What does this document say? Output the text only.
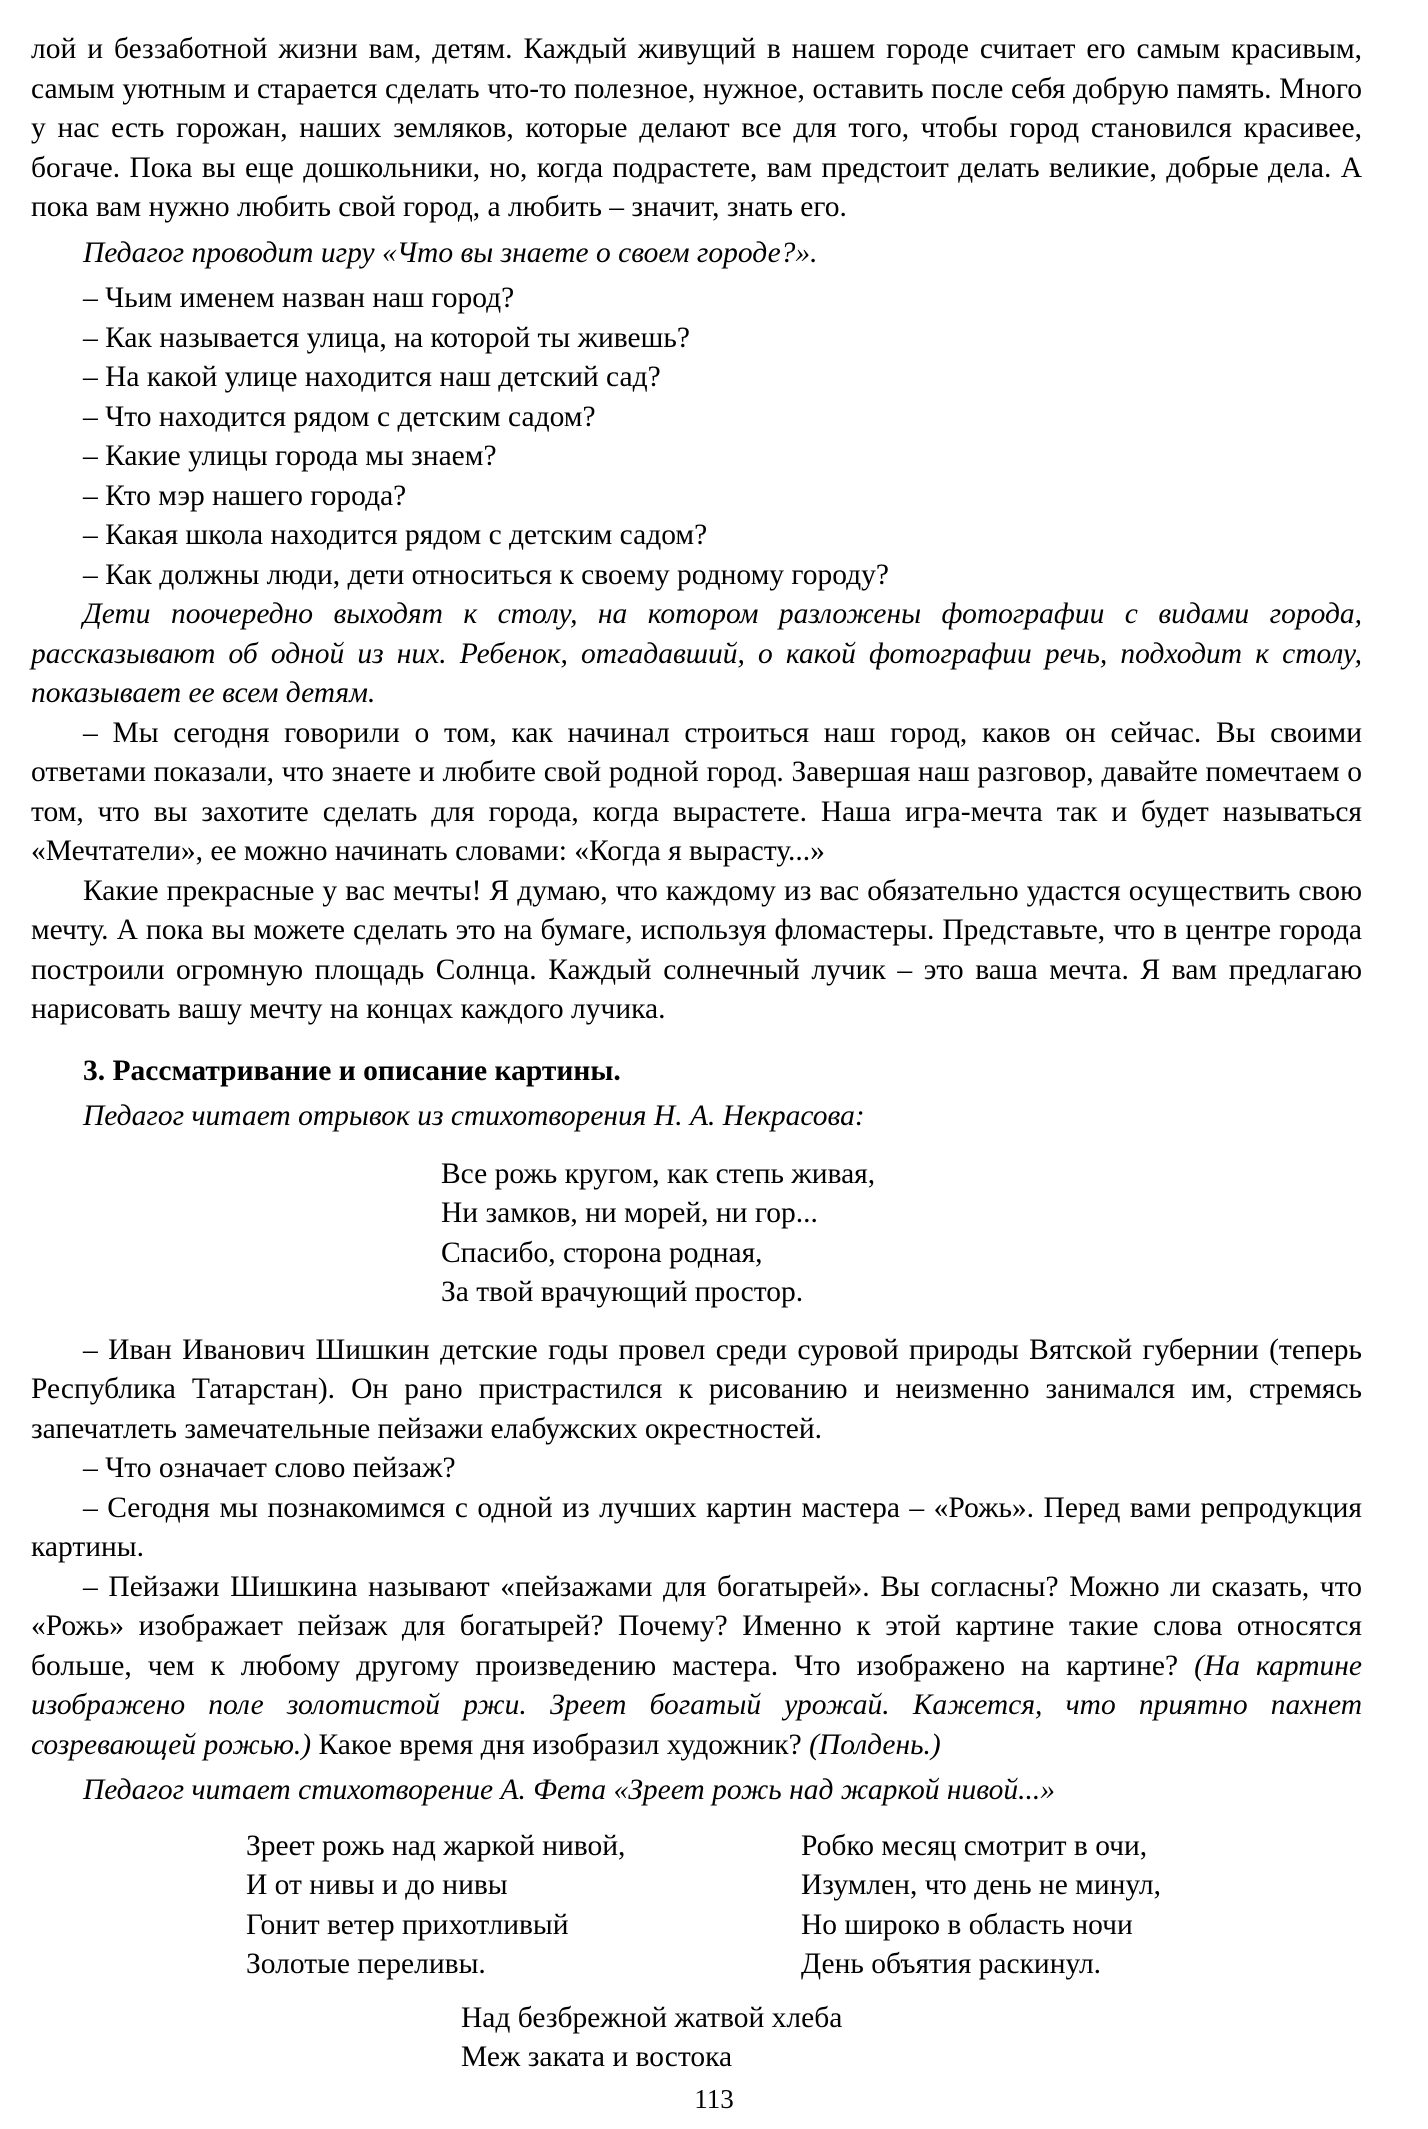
лой и беззаботной жизни вам, детям. Каждый живущий в нашем городе считает его самым красивым, самым уютным и старается сделать что-то полезное, нужное, оставить после себя добрую память. Много у нас есть горожан, наших земляков, которые делают все для того, чтобы город становился красивее, богаче. Пока вы еще дошкольники, но, когда подрастете, вам предстоит делать великие, добрые дела. А пока вам нужно любить свой город, а любить – значит, знать его.

Педагог проводит игру «Что вы знаете о своем городе?».

– Чьим именем назван наш город?

– Как называется улица, на которой ты живешь?

– На какой улице находится наш детский сад?

– Что находится рядом с детским садом?

– Какие улицы города мы знаем?

– Кто мэр нашего города?

– Какая школа находится рядом с детским садом?

– Как должны люди, дети относиться к своему родному городу?

Дети поочередно выходят к столу, на котором разложены фотографии с видами города, рассказывают об одной из них. Ребенок, отгадавший, о какой фотографии речь, подходит к столу, показывает ее всем детям.

– Мы сегодня говорили о том, как начинал строиться наш город, каков он сейчас. Вы своими ответами показали, что знаете и любите свой родной город. Завершая наш разговор, давайте помечтаем о том, что вы захотите сделать для города, когда вырастете. Наша игра-мечта так и будет называться «Мечтатели», ее можно начинать словами: «Когда я вырасту...»

Какие прекрасные у вас мечты! Я думаю, что каждому из вас обязательно удастся осуществить свою мечту. А пока вы можете сделать это на бумаге, используя фломастеры. Представьте, что в центре города построили огромную площадь Солнца. Каждый солнечный лучик – это ваша мечта. Я вам предлагаю нарисовать вашу мечту на концах каждого лучика.

3. Рассматривание и описание картины.

Педагог читает отрывок из стихотворения Н. А. Некрасова:

Все рожь кругом, как степь живая,
Ни замков, ни морей, ни гор...
Спасибо, сторона родная,
За твой врачующий простор.

– Иван Иванович Шишкин детские годы провел среди суровой природы Вятской губернии (теперь Республика Татарстан). Он рано пристрастился к рисованию и неизменно занимался им, стремясь запечатлеть замечательные пейзажи елабужских окрестностей.

– Что означает слово пейзаж?

– Сегодня мы познакомимся с одной из лучших картин мастера – «Рожь». Перед вами репродукция картины.

– Пейзажи Шишкина называют «пейзажами для богатырей». Вы согласны? Можно ли сказать, что «Рожь» изображает пейзаж для богатырей? Почему? Именно к этой картине такие слова относятся больше, чем к любому другому произведению мастера. Что изображено на картине? (На картине изображено поле золотистой ржи. Зреет богатый урожай. Кажется, что приятно пахнет созревающей рожью.) Какое время дня изобразил художник? (Полдень.)

Педагог читает стихотворение А. Фета «Зреет рожь над жаркой нивой...»

Зреет рожь над жаркой нивой,
И от нивы и до нивы
Гонит ветер прихотливый
Золотые переливы.
Робко месяц смотрит в очи,
Изумлен, что день не минул,
Но широко в область ночи
День объятия раскинул.
Над безбрежной жатвой хлеба
Меж заката и востока
113
